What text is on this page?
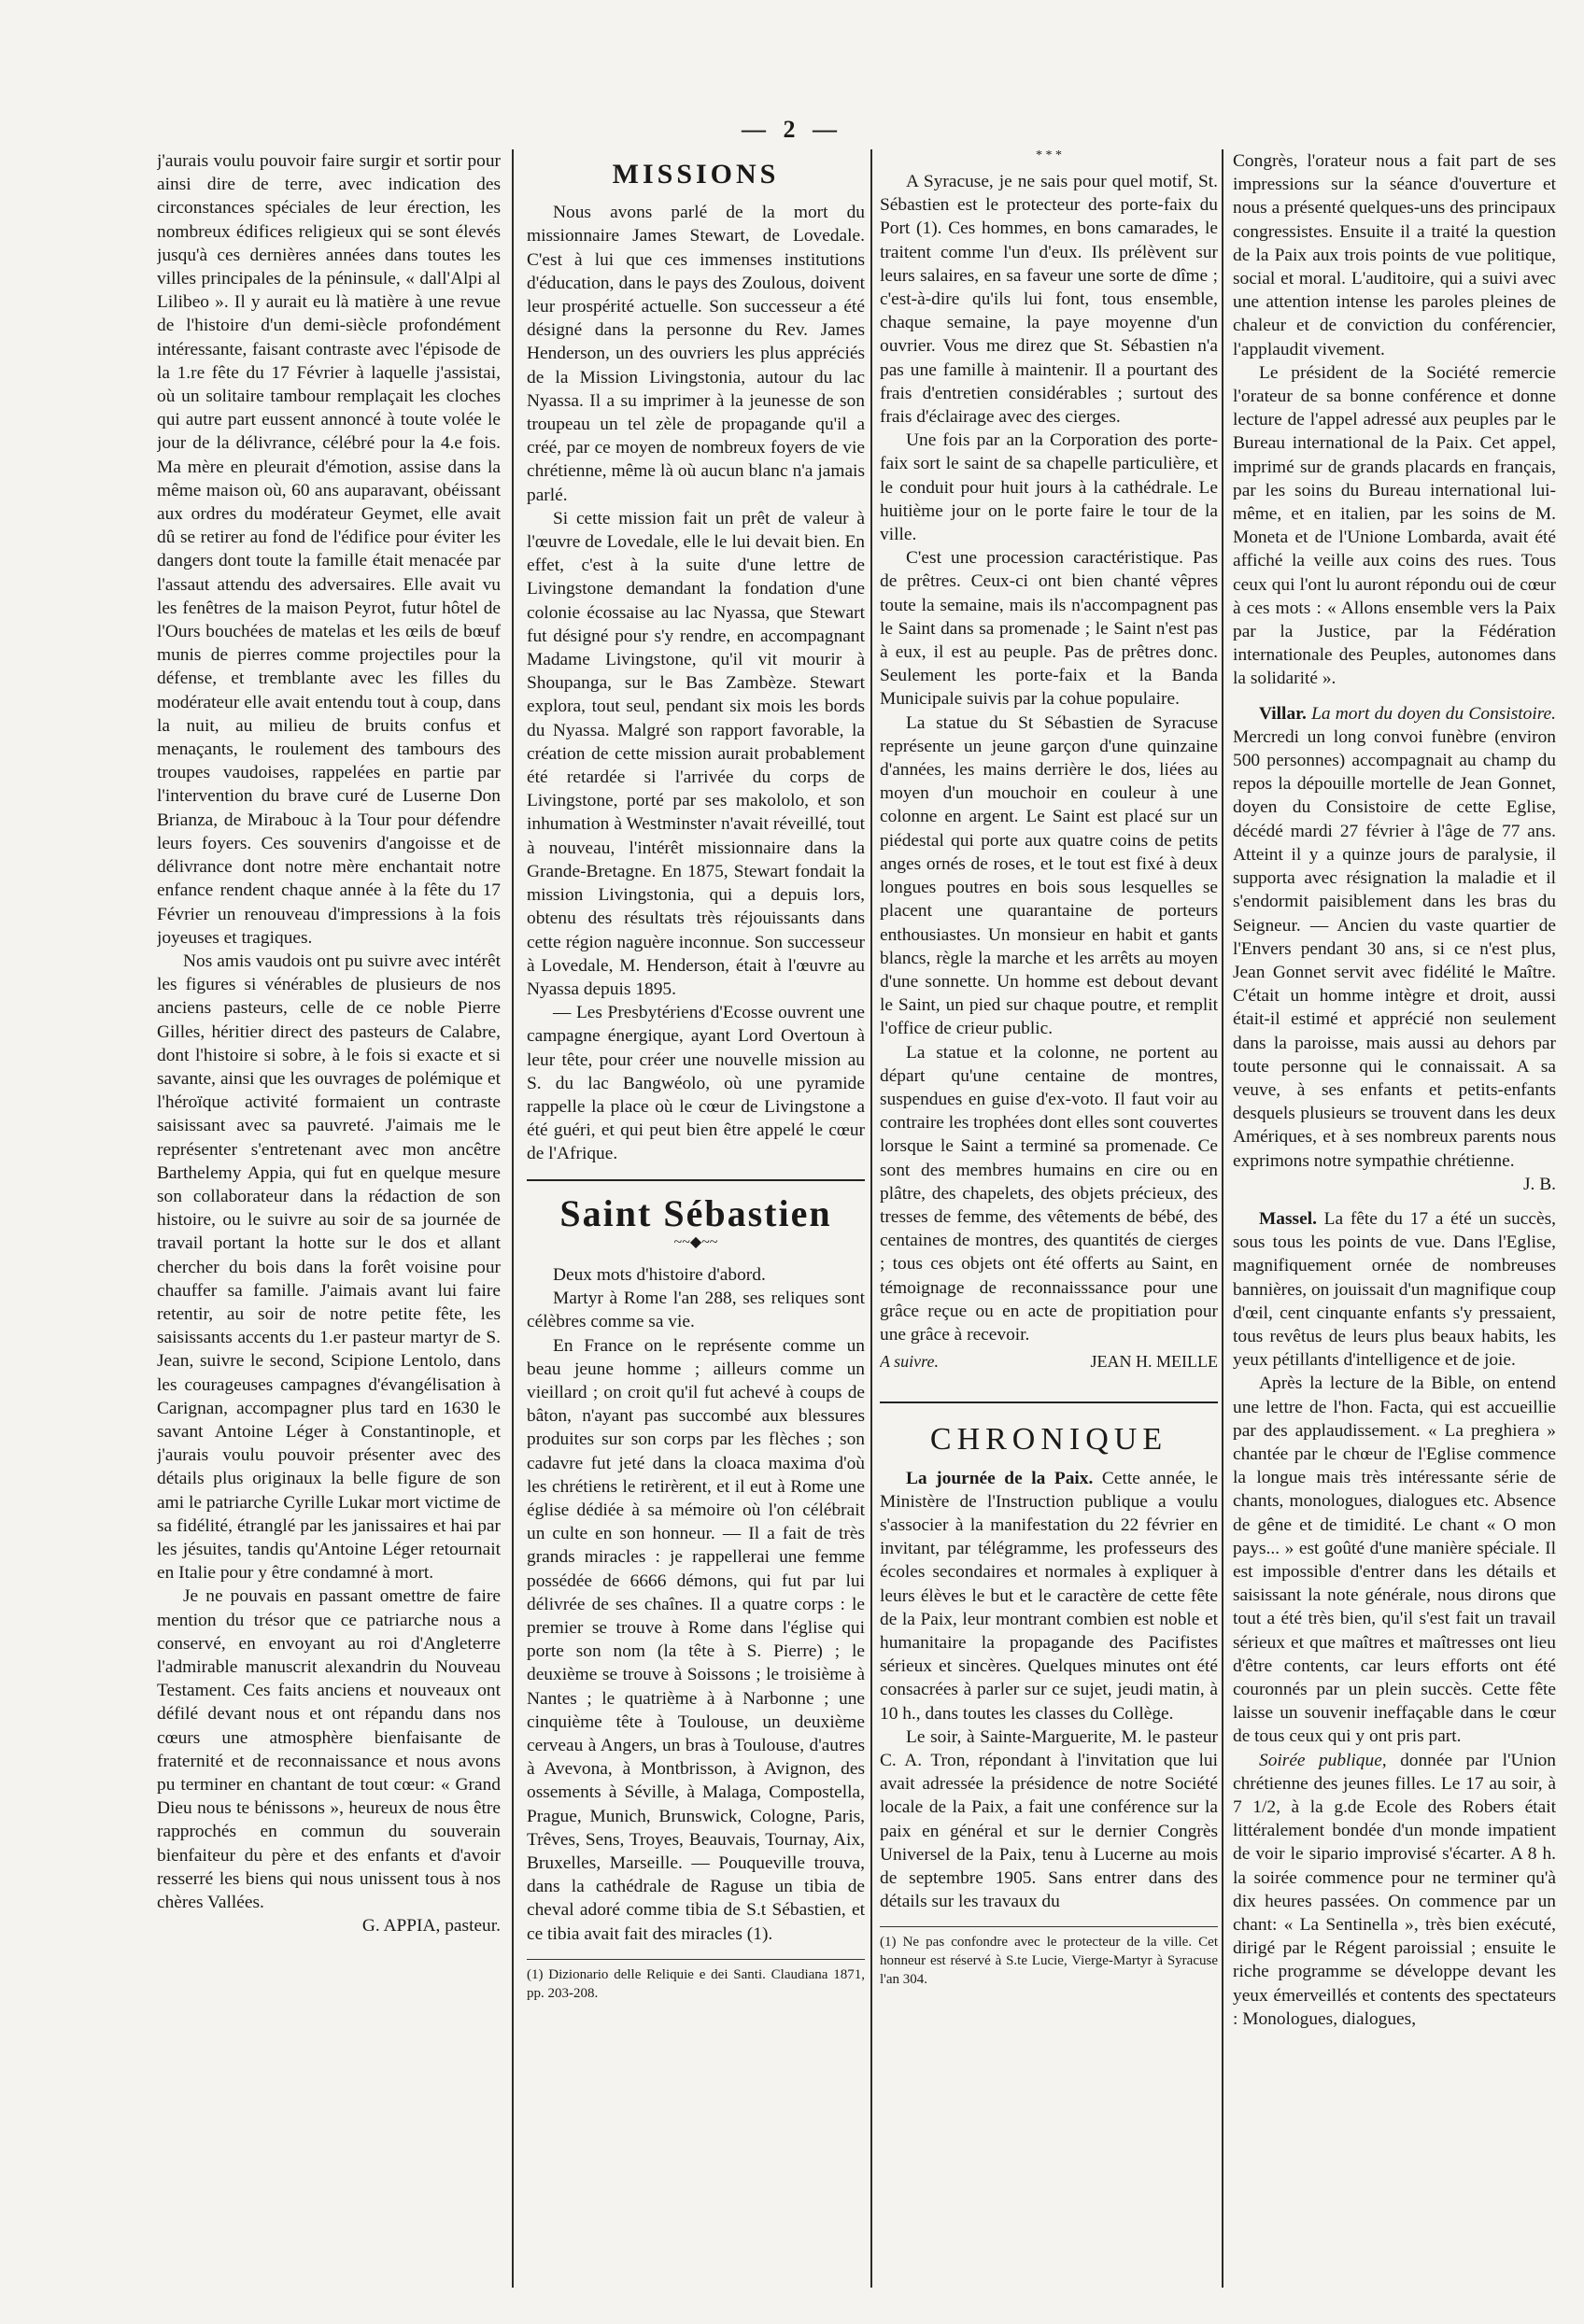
— 2 —

j'aurais voulu pouvoir faire surgir et sortir pour ainsi dire de terre, avec indication des circonstances spéciales de leur érection, les nombreux édifices religieux qui se sont élevés jusqu'à ces dernières années dans toutes les villes principales de la péninsule, « dall'Alpi al Lilibeo ». Il y aurait eu là matière à une revue de l'histoire d'un demi-siècle profondément intéressante, faisant contraste avec l'épisode de la 1.re fête du 17 Février à laquelle j'assistai, où un solitaire tambour remplaçait les cloches qui autre part eussent annoncé à toute volée le jour de la délivrance, célébré pour la 4.e fois. Ma mère en pleurait d'émotion, assise dans la même maison où, 60 ans auparavant, obéissant aux ordres du modérateur Geymet, elle avait dû se retirer au fond de l'édifice pour éviter les dangers dont toute la famille était menacée par l'assaut attendu des adversaires. Elle avait vu les fenêtres de la maison Peyrot, futur hôtel de l'Ours bouchées de matelas et les œils de bœuf munis de pierres comme projectiles pour la défense, et tremblante avec les filles du modérateur elle avait entendu tout à coup, dans la nuit, au milieu de bruits confus et menaçants, le roulement des tambours des troupes vaudoises, rappelées en partie par l'intervention du brave curé de Luserne Don Brianza, de Mirabouc à la Tour pour défendre leurs foyers. Ces souvenirs d'angoisse et de délivrance dont notre mère enchantait notre enfance rendent chaque année à la fête du 17 Février un renouveau d'impressions à la fois joyeuses et tragiques.

Nos amis vaudois ont pu suivre avec intérêt les figures si vénérables de plusieurs de nos anciens pasteurs, celle de ce noble Pierre Gilles, héritier direct des pasteurs de Calabre, dont l'histoire si sobre, à le fois si exacte et si savante, ainsi que les ouvrages de polémique et l'héroïque activité formaient un contraste saisissant avec sa pauvreté. J'aimais me le représenter s'entretenant avec mon ancêtre Barthelemy Appia, qui fut en quelque mesure son collaborateur dans la rédaction de son histoire, ou le suivre au soir de sa journée de travail portant la hotte sur le dos et allant chercher du bois dans la forêt voisine pour chauffer sa famille. J'aimais avant lui faire retentir, au soir de notre petite fête, les saisissants accents du 1.er pasteur martyr de S. Jean, suivre le second, Scipione Lentolo, dans les courageuses campagnes d'évangélisation à Carignan, accompagner plus tard en 1630 le savant Antoine Léger à Constantinople, et j'aurais voulu pouvoir présenter avec des détails plus originaux la belle figure de son ami le patriarche Cyrille Lukar mort victime de sa fidélité, étranglé par les janissaires et hai par les jésuites, tandis qu'Antoine Léger retournait en Italie pour y être condamné à mort.

Je ne pouvais en passant omettre de faire mention du trésor que ce patriarche nous a conservé, en envoyant au roi d'Angleterre l'admirable manuscrit alexandrin du Nouveau Testament. Ces faits anciens et nouveaux ont défilé devant nous et ont répandu dans nos cœurs une atmosphère bienfaisante de fraternité et de reconnaissance et nous avons pu terminer en chantant de tout cœur: « Grand Dieu nous te bénissons », heureux de nous être rapprochés en commun du souverain bienfaiteur du père et des enfants et d'avoir resserré les biens qui nous unissent tous à nos chères Vallées.

G. APPIA, pasteur.

MISSIONS

Nous avons parlé de la mort du missionnaire James Stewart, de Lovedale. C'est à lui que ces immenses institutions d'éducation, dans le pays des Zoulous, doivent leur prospérité actuelle. Son successeur a été désigné dans la personne du Rev. James Henderson, un des ouvriers les plus appréciés de la Mission Livingstonia, autour du lac Nyassa. Il a su imprimer à la jeunesse de son troupeau un tel zèle de propagande qu'il a créé, par ce moyen de nombreux foyers de vie chrétienne, même là où aucun blanc n'a jamais parlé.

Si cette mission fait un prêt de valeur à l'œuvre de Lovedale, elle le lui devait bien. En effet, c'est à la suite d'une lettre de Livingstone demandant la fondation d'une colonie écossaise au lac Nyassa, que Stewart fut désigné pour s'y rendre, en accompagnant Madame Livingstone, qu'il vit mourir à Shoupanga, sur le Bas Zambèze. Stewart explora, tout seul, pendant six mois les bords du Nyassa. Malgré son rapport favorable, la création de cette mission aurait probablement été retardée si l'arrivée du corps de Livingstone, porté par ses makololo, et son inhumation à Westminster n'avait réveillé, tout à nouveau, l'intérêt missionnaire dans la Grande-Bretagne. En 1875, Stewart fondait la mission Livingstonia, qui a depuis lors, obtenu des résultats très réjouissants dans cette région naguère inconnue. Son successeur à Lovedale, M. Henderson, était à l'œuvre au Nyassa depuis 1895.

— Les Presbytériens d'Ecosse ouvrent une campagne énergique, ayant Lord Overtoun à leur tête, pour créer une nouvelle mission au S. du lac Bangwéolo, où une pyramide rappelle la place où le cœur de Livingstone a été guéri, et qui peut bien être appelé le cœur de l'Afrique.

Saint Sébastien
~~◆~~

Deux mots d'histoire d'abord.

Martyr à Rome l'an 288, ses reliques sont célèbres comme sa vie.

En France on le représente comme un beau jeune homme ; ailleurs comme un vieillard ; on croit qu'il fut achevé à coups de bâton, n'ayant pas succombé aux blessures produites sur son corps par les flèches ; son cadavre fut jeté dans la cloaca maxima d'où les chrétiens le retirèrent, et il eut à Rome une église dédiée à sa mémoire où l'on célébrait un culte en son honneur. — Il a fait de très grands miracles : je rappellerai une femme possédée de 6666 démons, qui fut par lui délivrée de ses chaînes. Il a quatre corps : le premier se trouve à Rome dans l'église qui porte son nom (la tête à S. Pierre) ; le deuxième se trouve à Soissons ; le troisième à Nantes ; le quatrième à à Narbonne ; une cinquième tête à Toulouse, un deuxième cerveau à Angers, un bras à Toulouse, d'autres à Avevona, à Montbrisson, à Avignon, des ossements à Séville, à Malaga, Compostella, Prague, Munich, Brunswick, Cologne, Paris, Trêves, Sens, Troyes, Beauvais, Tournay, Aix, Bruxelles, Marseille. — Pouqueville trouva, dans la cathédrale de Raguse un tibia de cheval adoré comme tibia de S.t Sébastien, et ce tibia avait fait des miracles (1).

(1) Dizionario delle Reliquie e dei Santi. Claudiana 1871, pp. 203-208.

* * *

A Syracuse, je ne sais pour quel motif, St. Sébastien est le protecteur des porte-faix du Port (1). Ces hommes, en bons camarades, le traitent comme l'un d'eux. Ils prélèvent sur leurs salaires, en sa faveur une sorte de dîme ; c'est-à-dire qu'ils lui font, tous ensemble, chaque semaine, la paye moyenne d'un ouvrier. Vous me direz que St. Sébastien n'a pas une famille à maintenir. Il a pourtant des frais d'entretien considérables ; surtout des frais d'éclairage avec des cierges.

Une fois par an la Corporation des porte-faix sort le saint de sa chapelle particulière, et le conduit pour huit jours à la cathédrale. Le huitième jour on le porte faire le tour de la ville.

C'est une procession caractéristique. Pas de prêtres. Ceux-ci ont bien chanté vêpres toute la semaine, mais ils n'accompagnent pas le Saint dans sa promenade ; le Saint n'est pas à eux, il est au peuple. Pas de prêtres donc. Seulement les porte-faix et la Banda Municipale suivis par la cohue populaire.

La statue du St Sébastien de Syracuse représente un jeune garçon d'une quinzaine d'années, les mains derrière le dos, liées au moyen d'un mouchoir en couleur à une colonne en argent. Le Saint est placé sur un piédestal qui porte aux quatre coins de petits anges ornés de roses, et le tout est fixé à deux longues poutres en bois sous lesquelles se placent une quarantaine de porteurs enthousiastes. Un monsieur en habit et gants blancs, règle la marche et les arrêts au moyen d'une sonnette. Un homme est debout devant le Saint, un pied sur chaque poutre, et remplit l'office de crieur public.

La statue et la colonne, ne portent au départ qu'une centaine de montres, suspendues en guise d'ex-voto. Il faut voir au contraire les trophées dont elles sont couvertes lorsque le Saint a terminé sa promenade. Ce sont des membres humains en cire ou en plâtre, des chapelets, des objets précieux, des tresses de femme, des vêtements de bébé, des centaines de montres, des quantités de cierges ; tous ces objets ont été offerts au Saint, en témoignage de reconnaisssance pour une grâce reçue ou en acte de propitiation pour une grâce à recevoir.

A suivre.	JEAN H. MEILLE
CHRONIQUE

La journée de la Paix. Cette année, le Ministère de l'Instruction publique a voulu s'associer à la manifestation du 22 février en invitant, par télégramme, les professeurs des écoles secondaires et normales à expliquer à leurs élèves le but et le caractère de cette fête de la Paix, leur montrant combien est noble et humanitaire la propagande des Pacifistes sérieux et sincères. Quelques minutes ont été consacrées à parler sur ce sujet, jeudi matin, à 10 h., dans toutes les classes du Collège.

Le soir, à Sainte-Marguerite, M. le pasteur C. A. Tron, répondant à l'invitation que lui avait adressée la présidence de notre Société locale de la Paix, a fait une conférence sur la paix en général et sur le dernier Congrès Universel de la Paix, tenu à Lucerne au mois de septembre 1905. Sans entrer dans des détails sur les travaux du

(1) Ne pas confondre avec le protecteur de la ville. Cet honneur est réservé à S.te Lucie, Vierge-Martyr à Syracuse l'an 304.

Congrès, l'orateur nous a fait part de ses impressions sur la séance d'ouverture et nous a présenté quelques-uns des principaux congressistes. Ensuite il a traité la question de la Paix aux trois points de vue politique, social et moral. L'auditoire, qui a suivi avec une attention intense les paroles pleines de chaleur et de conviction du conférencier, l'applaudit vivement.

Le président de la Société remercie l'orateur de sa bonne conférence et donne lecture de l'appel adressé aux peuples par le Bureau international de la Paix. Cet appel, imprimé sur de grands placards en français, par les soins du Bureau international lui-même, et en italien, par les soins de M. Moneta et de l'Unione Lombarda, avait été affiché la veille aux coins des rues. Tous ceux qui l'ont lu auront répondu oui de cœur à ces mots : « Allons ensemble vers la Paix par la Justice, par la Fédération internationale des Peuples, autonomes dans la solidarité ».

Villar. La mort du doyen du Consistoire. Mercredi un long convoi funèbre (environ 500 personnes) accompagnait au champ du repos la dépouille mortelle de Jean Gonnet, doyen du Consistoire de cette Eglise, décédé mardi 27 février à l'âge de 77 ans. Atteint il y a quinze jours de paralysie, il supporta avec résignation la maladie et il s'endormit paisiblement dans les bras du Seigneur. — Ancien du vaste quartier de l'Envers pendant 30 ans, si ce n'est plus, Jean Gonnet servit avec fidélité le Maître. C'était un homme intègre et droit, aussi était-il estimé et apprécié non seulement dans la paroisse, mais aussi au dehors par toute personne qui le connaissait. A sa veuve, à ses enfants et petits-enfants desquels plusieurs se trouvent dans les deux Amériques, et à ses nombreux parents nous exprimons notre sympathie chrétienne.

J. B.

Massel. La fête du 17 a été un succès, sous tous les points de vue. Dans l'Eglise, magnifiquement ornée de nombreuses bannières, on jouissait d'un magnifique coup d'œil, cent cinquante enfants s'y pressaient, tous revêtus de leurs plus beaux habits, les yeux pétillants d'intelligence et de joie.

Après la lecture de la Bible, on entend une lettre de l'hon. Facta, qui est accueillie par des applaudissement. « La preghiera » chantée par le chœur de l'Eglise commence la longue mais très intéressante série de chants, monologues, dialogues etc. Absence de gêne et de timidité. Le chant « O mon pays... » est goûté d'une manière spéciale. Il est impossible d'entrer dans les détails et saisissant la note générale, nous dirons que tout a été très bien, qu'il s'est fait un travail sérieux et que maîtres et maîtresses ont lieu d'être contents, car leurs efforts ont été couronnés par un plein succès. Cette fête laisse un souvenir ineffaçable dans le cœur de tous ceux qui y ont pris part.

Soirée publique, donnée par l'Union chrétienne des jeunes filles. Le 17 au soir, à 7 1/2, à la g.de Ecole des Robers était littéralement bondée d'un monde impatient de voir le sipario improvisé s'écarter. A 8 h. la soirée commence pour ne terminer qu'à dix heures passées. On commence par un chant: « La Sentinella », très bien exécuté, dirigé par le Régent paroissial ; ensuite le riche programme se développe devant les yeux émerveillés et contents des spectateurs : Monologues, dialogues,
